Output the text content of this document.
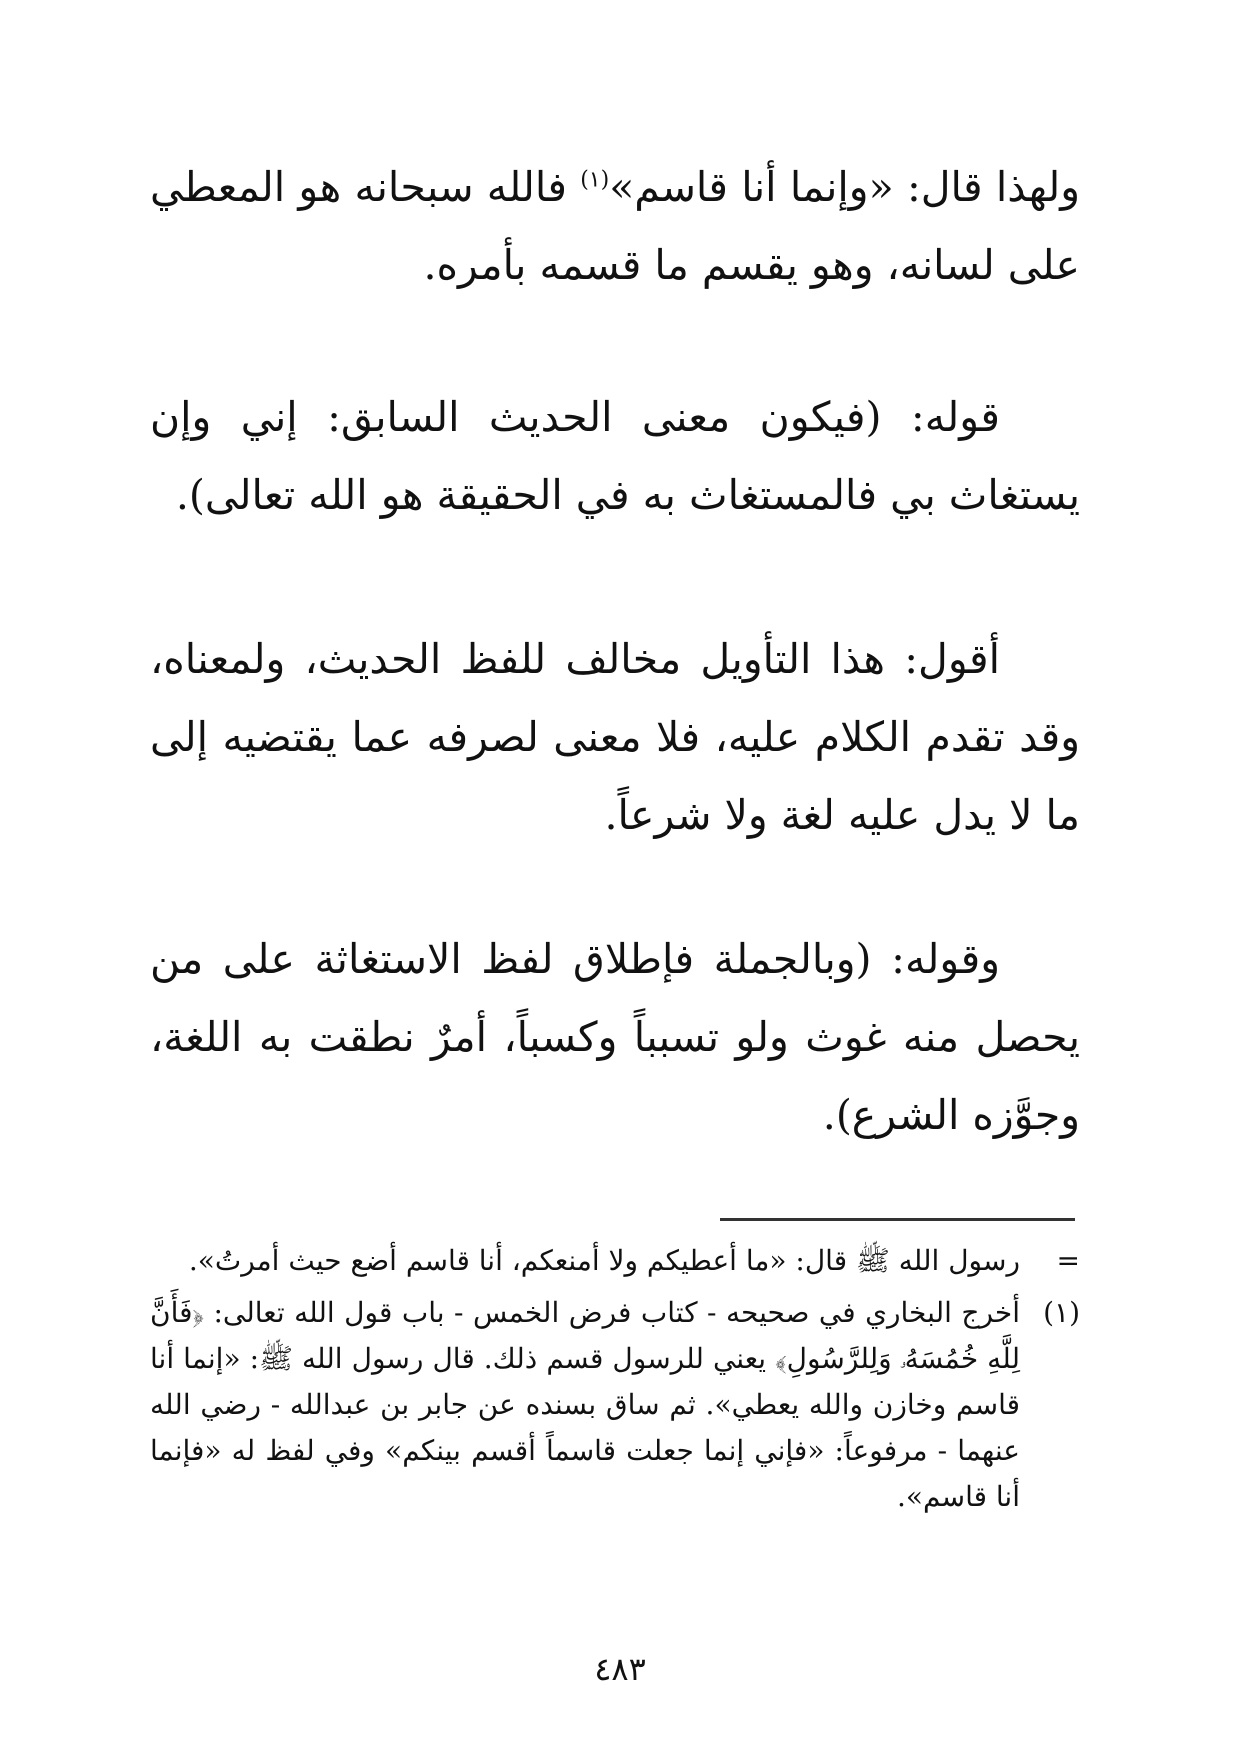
ولهذا قال: «وإنما أنا قاسم»$^{(١)}$ فالله سبحانه هو المعطي على لسانه، وهو يقسم ما قسمه بأمره.

قوله: (فيكون معنى الحديث السابق: إني وإن يستغاث بي فالمستغاث به في الحقيقة هو الله تعالى).

أقول: هذا التأويل مخالف للفظ الحديث، ولمعناه، وقد تقدم الكلام عليه، فلا معنى لصرفه عما يقتضيه إلى ما لا يدل عليه لغة ولا شرعاً.

وقوله: (وبالجملة فإطلاق لفظ الاستغاثة على من يحصل منه غوث ولو تسبباً وكسباً، أمرٌ نطقت به اللغة، وجوَّزه الشرع).

=
رسول الله ﷺ قال: «ما أعطيكم ولا أمنعكم، أنا قاسم أضع حيث أمرتُ».

(١)
أخرج البخاري في صحيحه - كتاب فرض الخمس - باب قول الله تعالى: ﴿فَأَنَّ لِلَّهِ خُمُسَهُۥ وَلِلرَّسُولِ﴾ يعني للرسول قسم ذلك. قال رسول الله ﷺ: «إنما أنا قاسم وخازن والله يعطي». ثم ساق بسنده عن جابر بن عبدالله - رضي الله عنهما - مرفوعاً: «فإني إنما جعلت قاسماً أقسم بينكم» وفي لفظ له «فإنما أنا قاسم».

٤٨٣
